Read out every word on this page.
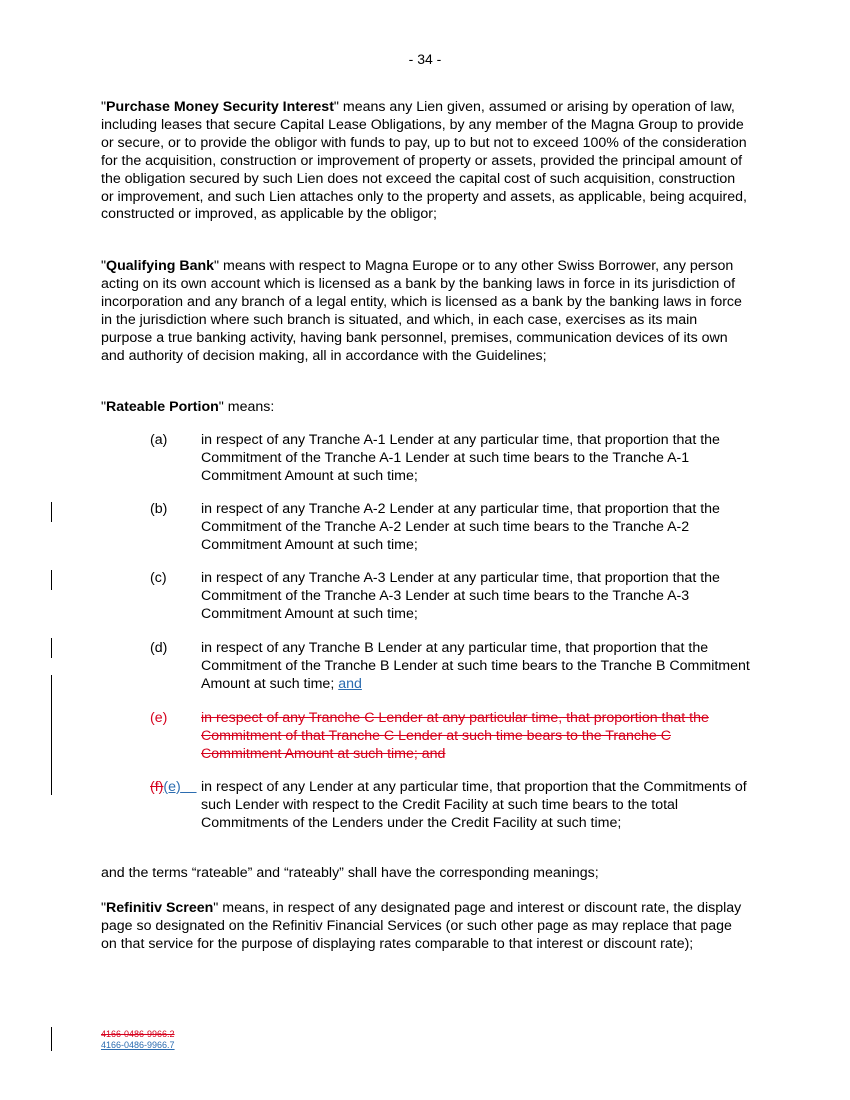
- 34 -

"Purchase Money Security Interest" means any Lien given, assumed or arising by operation of law, including leases that secure Capital Lease Obligations, by any member of the Magna Group to provide or secure, or to provide the obligor with funds to pay, up to but not to exceed 100% of the consideration for the acquisition, construction or improvement of property or assets, provided the principal amount of the obligation secured by such Lien does not exceed the capital cost of such acquisition, construction or improvement, and such Lien attaches only to the property and assets, as applicable, being acquired, constructed or improved, as applicable by the obligor;

"Qualifying Bank" means with respect to Magna Europe or to any other Swiss Borrower, any person acting on its own account which is licensed as a bank by the banking laws in force in its jurisdiction of incorporation and any branch of a legal entity, which is licensed as a bank by the banking laws in force in the jurisdiction where such branch is situated, and which, in each case, exercises as its main purpose a true banking activity, having bank personnel, premises, communication devices of its own and authority of decision making, all in accordance with the Guidelines;

"Rateable Portion" means:

(a) in respect of any Tranche A-1 Lender at any particular time, that proportion that the Commitment of the Tranche A-1 Lender at such time bears to the Tranche A-1 Commitment Amount at such time;
(b) in respect of any Tranche A-2 Lender at any particular time, that proportion that the Commitment of the Tranche A-2 Lender at such time bears to the Tranche A-2 Commitment Amount at such time;
(c) in respect of any Tranche A-3 Lender at any particular time, that proportion that the Commitment of the Tranche A-3 Lender at such time bears to the Tranche A-3 Commitment Amount at such time;
(d) in respect of any Tranche B Lender at any particular time, that proportion that the Commitment of the Tranche B Lender at such time bears to the Tranche B Commitment Amount at such time; and
(e) in respect of any Tranche C Lender at any particular time, that proportion that the Commitment of that Tranche C Lender at such time bears to the Tranche C Commitment Amount at such time; and
(f)(e)	in respect of any Lender at any particular time, that proportion that the Commitments of such Lender with respect to the Credit Facility at such time bears to the total Commitments of the Lenders under the Credit Facility at such time;

and the terms “rateable” and “rateably” shall have the corresponding meanings;

"Refinitiv Screen" means, in respect of any designated page and interest or discount rate, the display page so designated on the Refinitiv Financial Services (or such other page as may replace that page on that service for the purpose of displaying rates comparable to that interest or discount rate);

4166-0486-9966.2
4166-0486-9966.7
